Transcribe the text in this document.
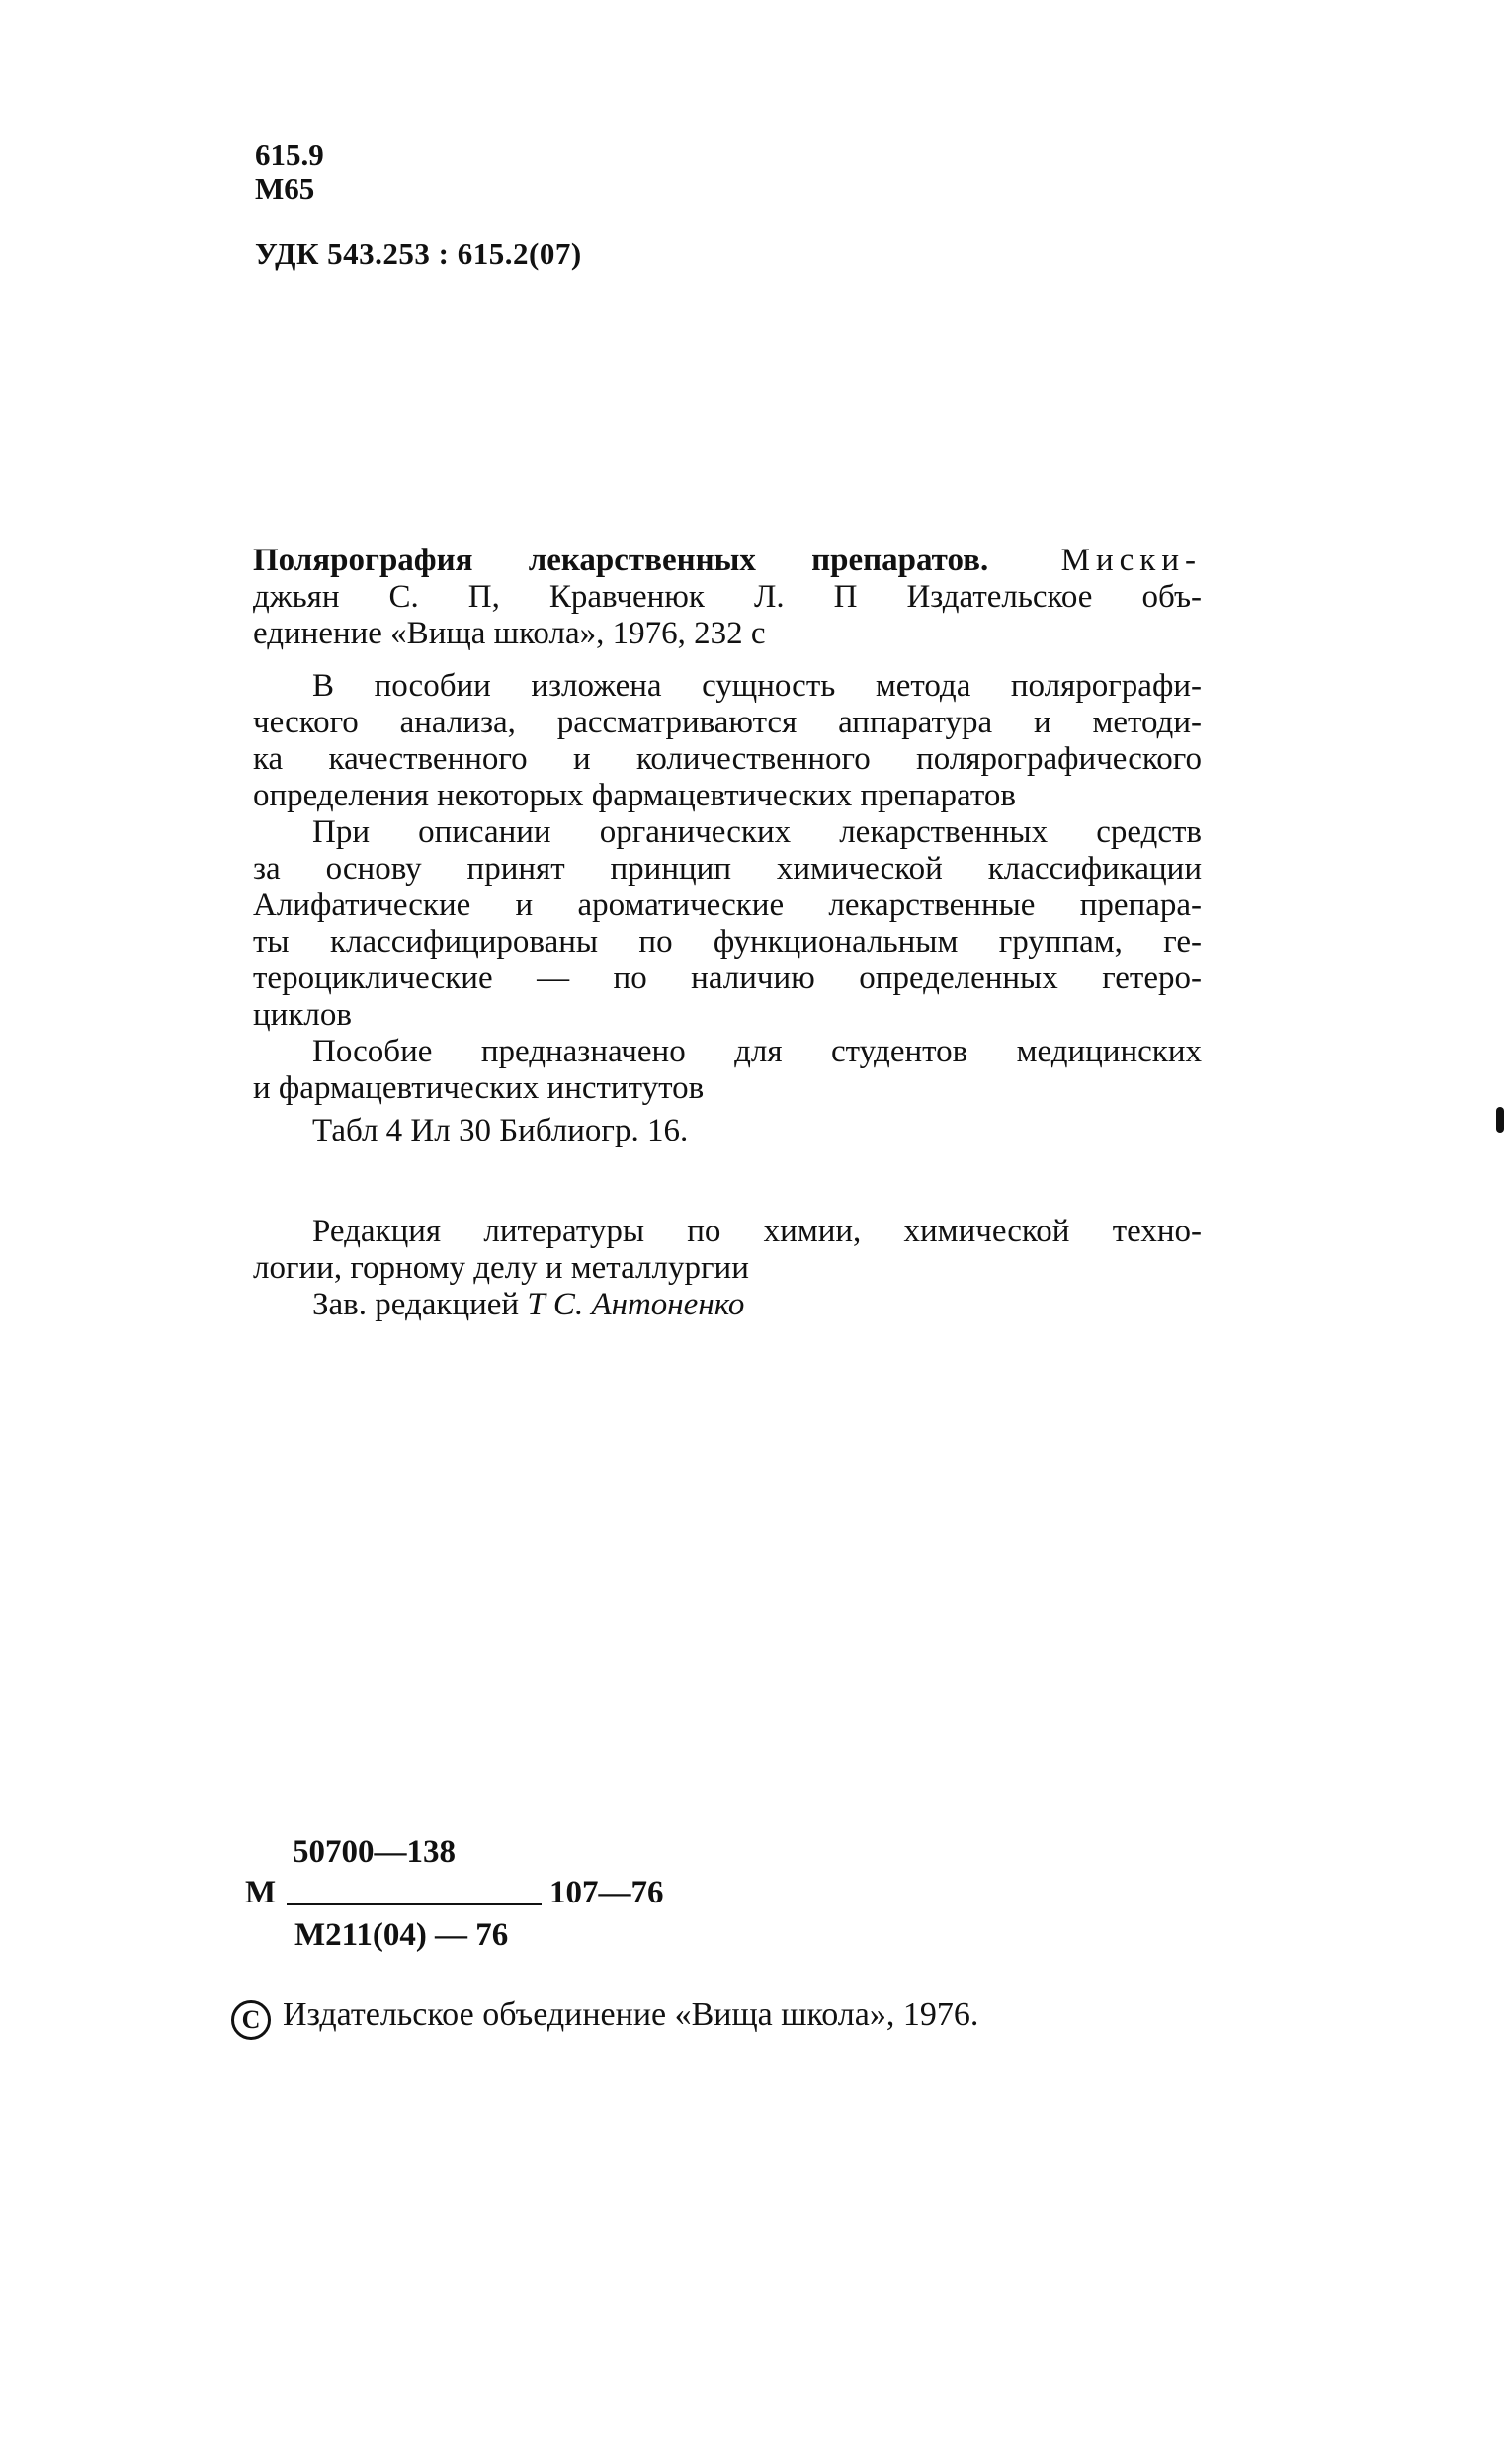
615.9
М65
УДК 543.253 : 615.2(07)
Полярография лекарственных препаратов. Миски-
джьян С. П, Кравченюк Л. П Издательское объ-
единение «Вища школа», 1976, 232 с
В пособии изложена сущность метода полярографи-
ческого анализа, рассматриваются аппаратура и методи-
ка качественного и количественного полярографического
определения некоторых фармацевтических препаратов
При описании органических лекарственных средств
за основу принят принцип химической классификации
Алифатические и ароматические лекарственные препара-
ты классифицированы по функциональным группам, ге-
тероциклические — по наличию определенных гетеро-
циклов
Пособие предназначено для студентов медицинских
и фармацевтических институтов
Табл 4 Ил 30 Библиогр. 16.
Редакция литературы по химии, химической техно-
логии, горному делу и металлургии
Зав. редакцией Т С. Антоненко
50700—138
М	107—76
М211(04) — 76
C Издательское объединение «Вища школа», 1976.
